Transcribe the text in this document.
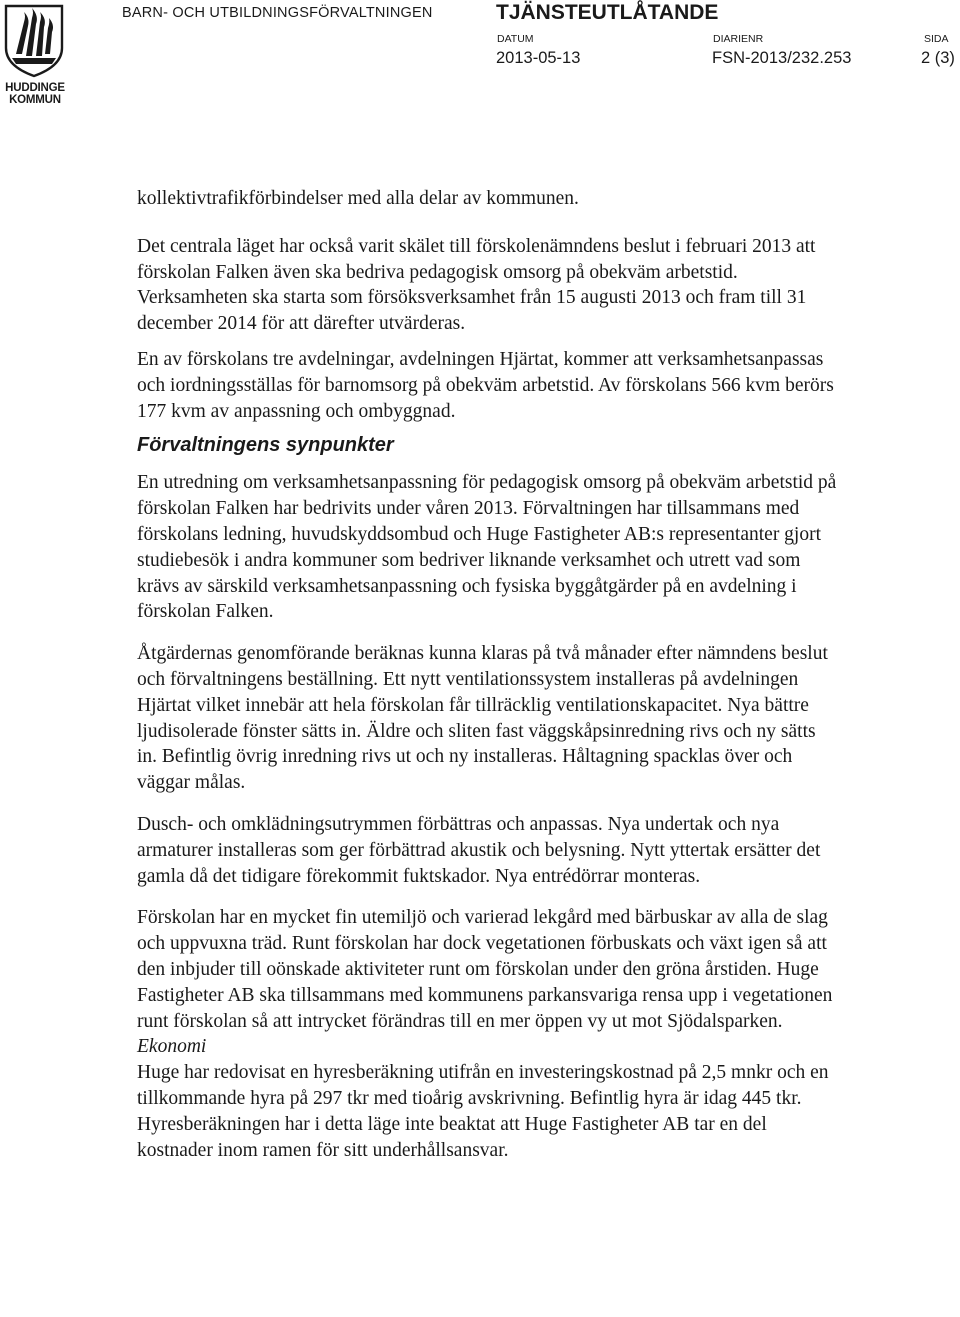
HUDDINGE
KOMMUN
BARN- OCH UTBILDNINGSFÖRVALTNINGEN	TJÄNSTEUTLÅTANDE
DATUM
2013-05-13
DIARIENR
FSN-2013/232.253
SIDA
2 (3)

kollektivtrafikförbindelser med alla delar av kommunen.

Det centrala läget har också varit skälet till förskolenämndens beslut i februari 2013 att förskolan Falken även ska bedriva pedagogisk omsorg på obekväm arbetstid. Verksamheten ska starta som försöksverksamhet från 15 augusti 2013 och fram till 31 december 2014 för att därefter utvärderas.

En av förskolans tre avdelningar, avdelningen Hjärtat, kommer att verksamhetsanpassas och iordningsställas för barnomsorg på obekväm arbetstid. Av förskolans 566 kvm berörs 177 kvm av anpassning och ombyggnad.

Förvaltningens synpunkter

En utredning om verksamhetsanpassning för pedagogisk omsorg på obekväm arbetstid på förskolan Falken har bedrivits under våren 2013. Förvaltningen har tillsammans med förskolans ledning, huvudskyddsombud och Huge Fastigheter AB:s representanter gjort studiebesök i andra kommuner som bedriver liknande verksamhet och utrett vad som krävs av särskild verksamhetsanpassning och fysiska byggåtgärder på en avdelning i förskolan Falken.

Åtgärdernas genomförande beräknas kunna klaras på två månader efter nämndens beslut och förvaltningens beställning. Ett nytt ventilationssystem installeras på avdelningen Hjärtat vilket innebär att hela förskolan får tillräcklig ventilationskapacitet. Nya bättre ljudisolerade fönster sätts in. Äldre och sliten fast väggskåpsinredning rivs och ny sätts in. Befintlig övrig inredning rivs ut och ny installeras. Håltagning spacklas över och väggar målas.

Dusch- och omklädningsutrymmen förbättras och anpassas. Nya undertak och nya armaturer installeras som ger förbättrad akustik och belysning. Nytt yttertak ersätter det gamla då det tidigare förekommit fuktskador. Nya entrédörrar monteras.

Förskolan har en mycket fin utemiljö och varierad lekgård med bärbuskar av alla de slag och uppvuxna träd. Runt förskolan har dock vegetationen förbuskats och växt igen så att den inbjuder till oönskade aktiviteter runt om förskolan under den gröna årstiden. Huge Fastigheter AB ska tillsammans med kommunens parkansvariga rensa upp i vegetationen runt förskolan så att intrycket förändras till en mer öppen vy ut mot Sjödalsparken.

Ekonomi

Huge har redovisat en hyresberäkning utifrån en investeringskostnad på 2,5 mnkr och en tillkommande hyra på 297 tkr med tioårig avskrivning. Befintlig hyra är idag 445 tkr. Hyresberäkningen har i detta läge inte beaktat att Huge Fastigheter AB tar en del kostnader inom ramen för sitt underhållsansvar.
